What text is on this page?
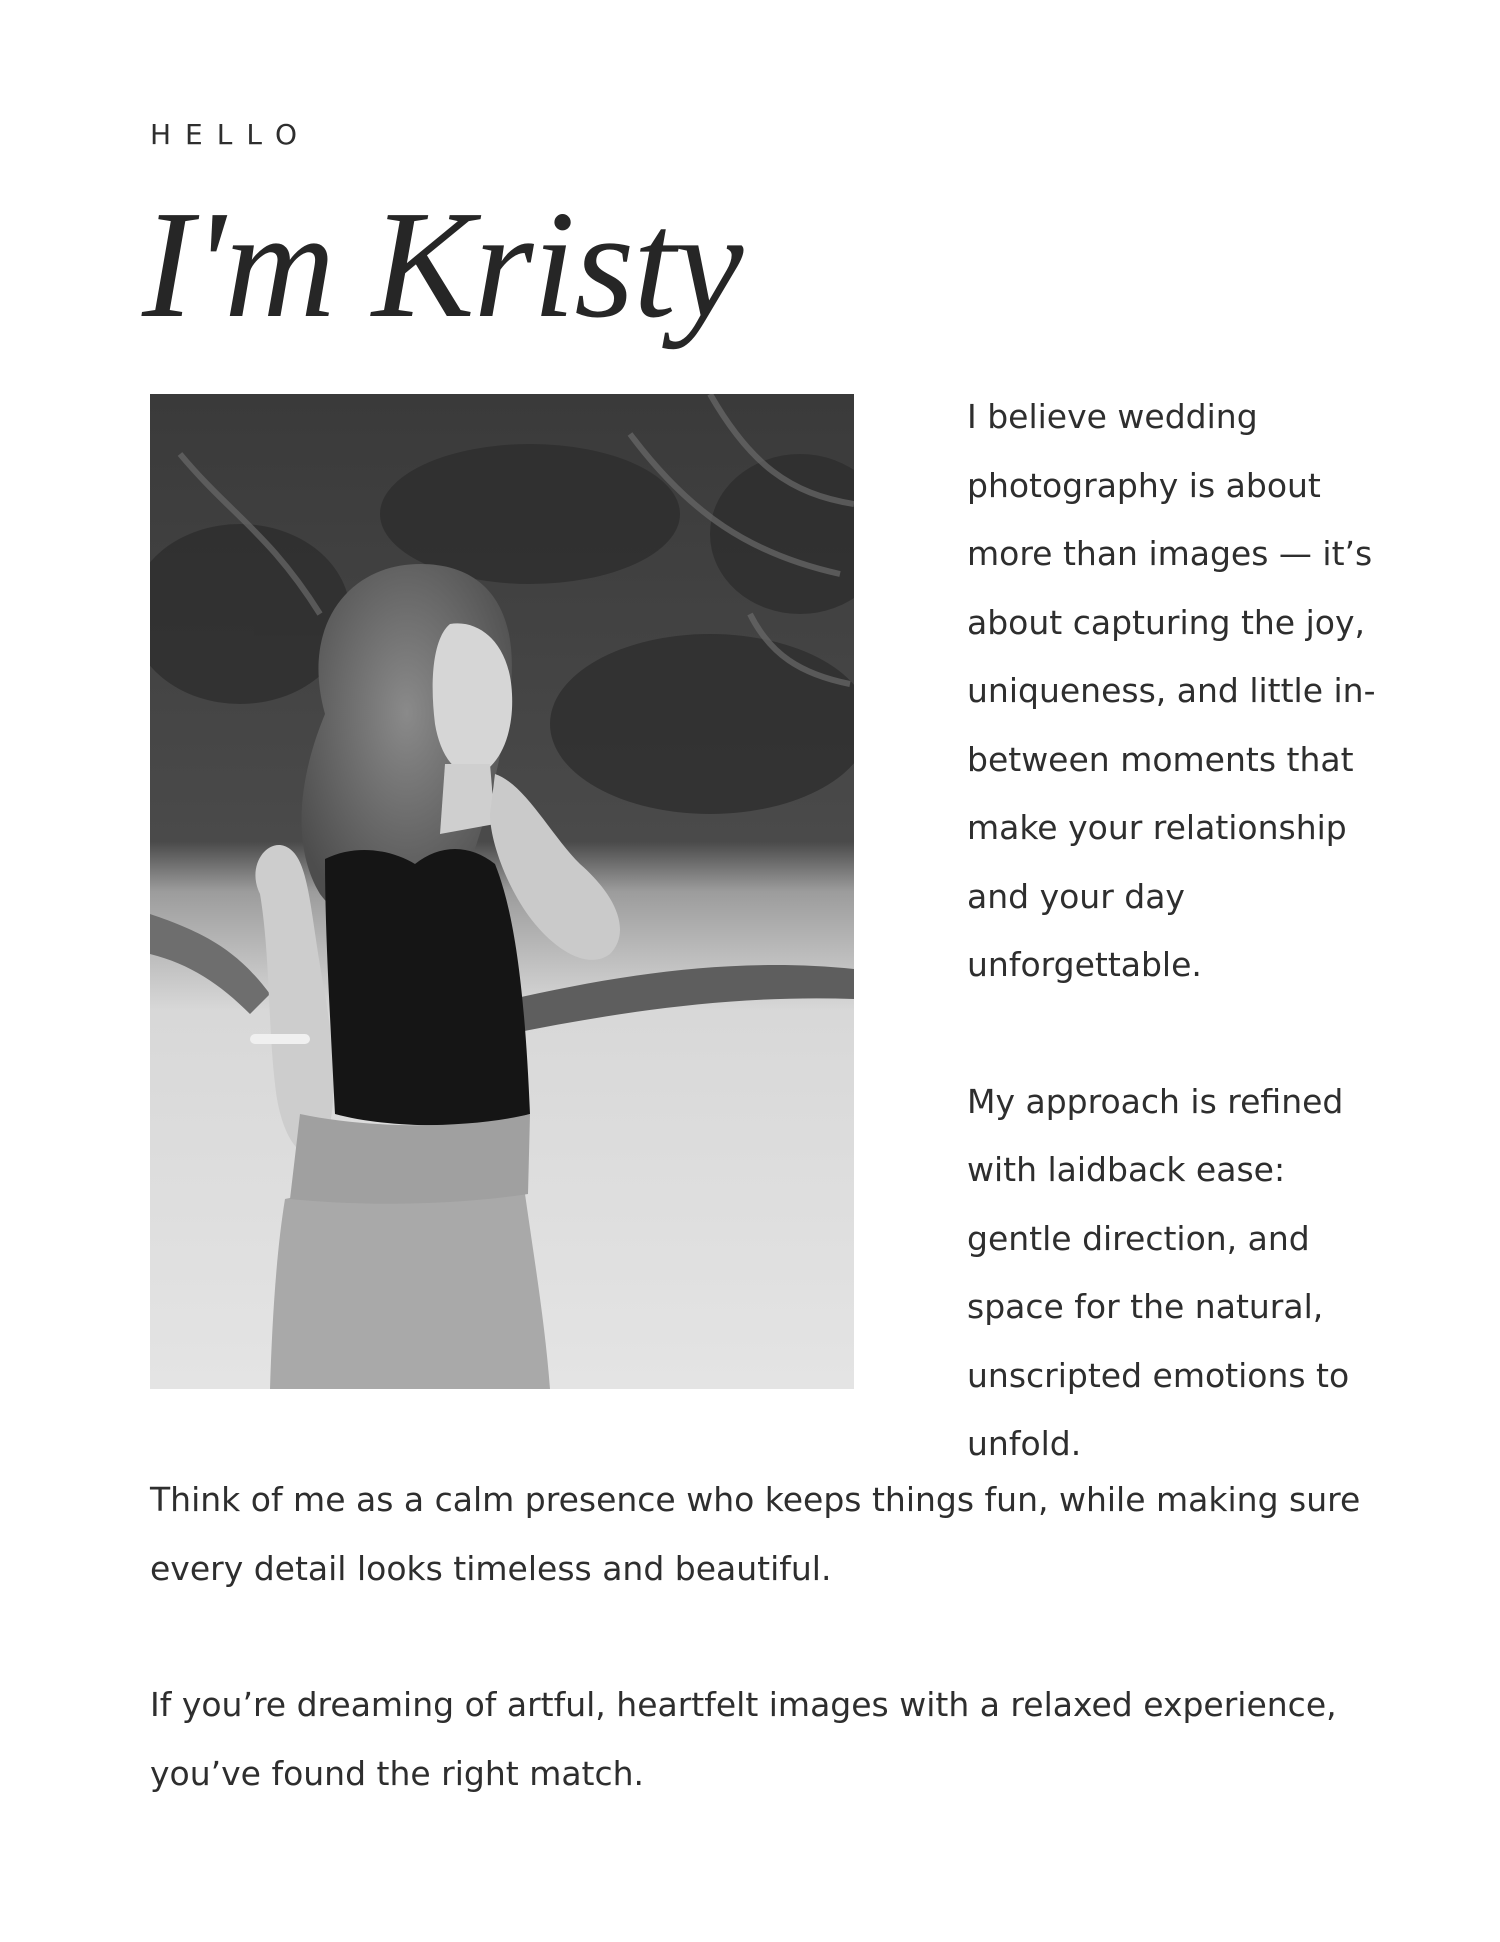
HELLO
I'm Kristy

I believe wedding photography is about more than images — it’s about capturing the joy, uniqueness, and little in-between moments that make your relationship and your day unforgettable.

My approach is refined with laidback ease: gentle direction, and space for the natural, unscripted emotions to unfold.

Think of me as a calm presence who keeps things fun, while making sure every detail looks timeless and beautiful.

If you’re dreaming of artful, heartfelt images with a relaxed experience, you’ve found the right match.
